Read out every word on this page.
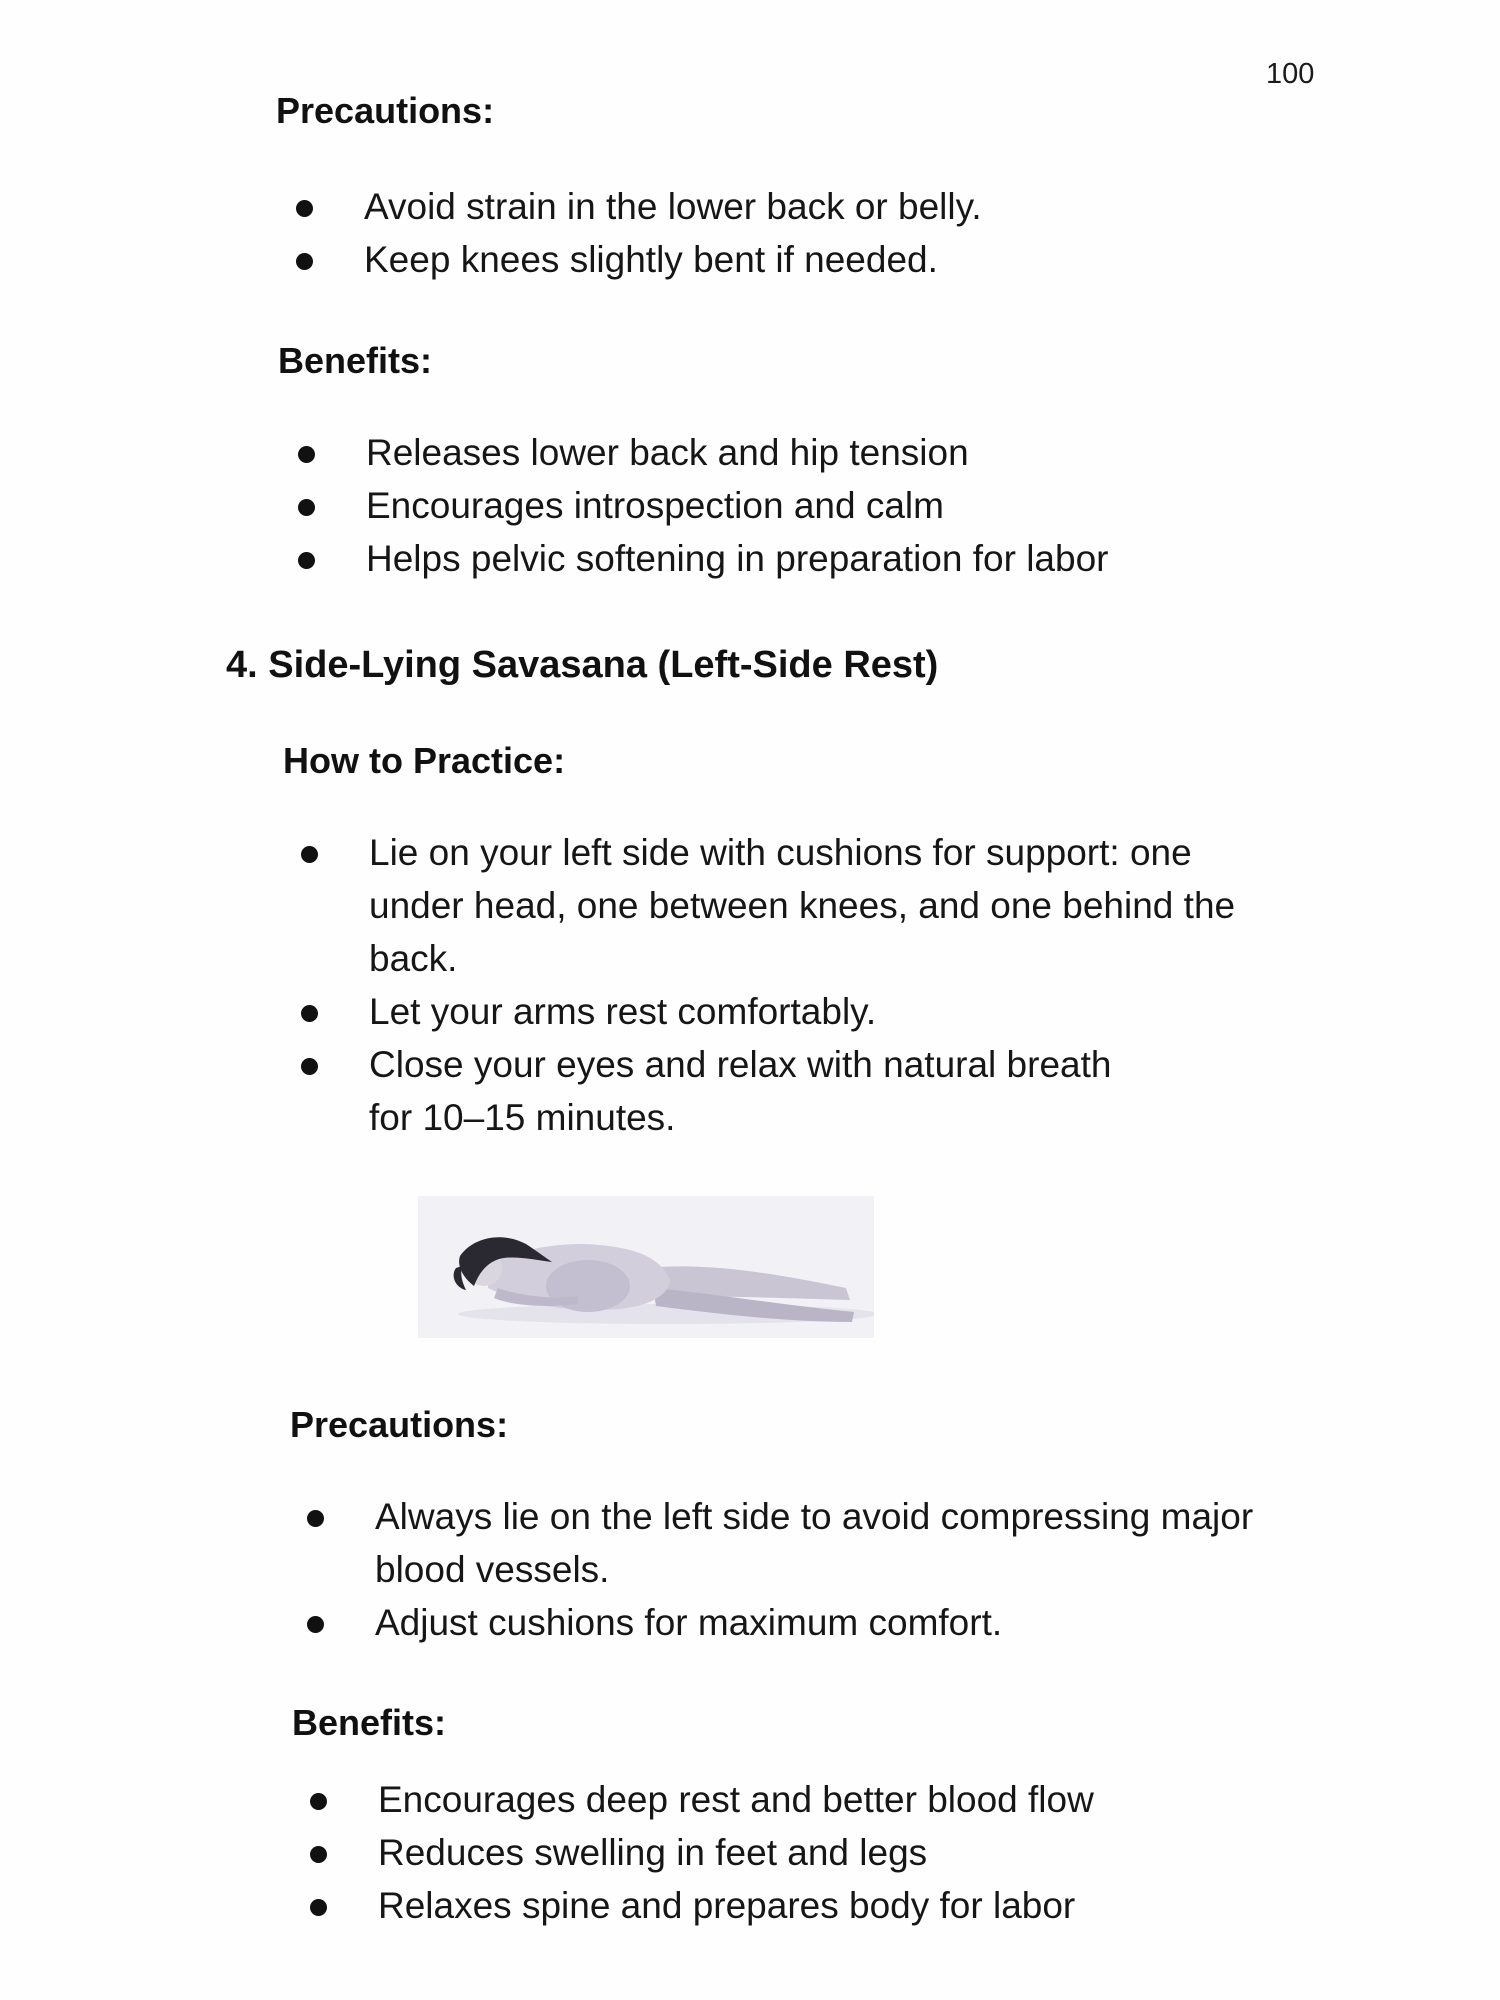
100
Precautions:
Avoid strain in the lower back or belly.
Keep knees slightly bent if needed.
Benefits:
Releases lower back and hip tension
Encourages introspection and calm
Helps pelvic softening in preparation for labor
4. Side-Lying Savasana (Left-Side Rest)
How to Practice:
Lie on your left side with cushions for support: one under head, one between knees, and one behind the back.
Let your arms rest comfortably.
Close your eyes and relax with natural breath for 10–15 minutes.
Precautions:
Always lie on the left side to avoid compressing major blood vessels.
Adjust cushions for maximum comfort.
Benefits:
Encourages deep rest and better blood flow
Reduces swelling in feet and legs
Relaxes spine and prepares body for labor
